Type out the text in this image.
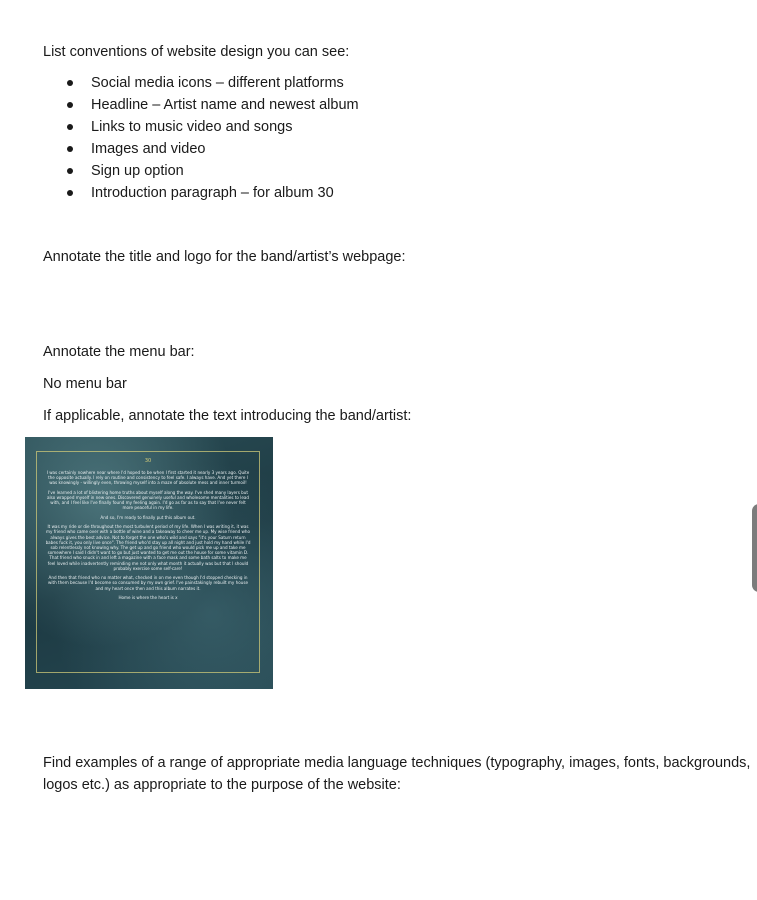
List conventions of website design you can see:

Social media icons – different platforms
Headline – Artist name and newest album
Links to music video and songs
Images and video
Sign up option
Introduction paragraph – for album 30

Annotate the title and logo for the band/artist’s webpage:

Annotate the menu bar:

No menu bar

If applicable, annotate the text introducing the band/artist:

30

I was certainly nowhere near where I'd hoped to be when I first started it nearly 3 years ago. Quite the opposite actually. I rely on routine and consistency to feel safe. I always have. And yet there I was knowingly - willingly even, throwing myself into a maze of absolute mess and inner turmoil!

I've learned a lot of blistering home truths about myself along the way. I've shed many layers but also wrapped myself in new ones. Discovered genuinely useful and wholesome mentalities to lead with, and I feel like I've finally found my feeling again. I'd go as far as to say that I've never felt more peaceful in my life.

And so, I'm ready to finally put this album out.

It was my ride or die throughout the most turbulent period of my life. When I was writing it, it was my friend who came over with a bottle of wine and a takeaway to cheer me up. My wise friend who always gives the best advice. Not to forget the one who's wild and says "it's your Saturn return babes fuck it, you only live once". The friend who'd stay up all night and just hold my hand while I'd sob relentlessly not knowing why. The get up and go friend who would pick me up and take me somewhere I said I didn't want to go but just wanted to get me out the house for some vitamin D. That friend who snuck in and left a magazine with a face mask and some bath salts to make me feel loved while inadvertently reminding me not only what month it actually was but that I should probably exercise some self-care!

And then that friend who no matter what, checked in on me even though I'd stopped checking in with them because I'd become so consumed by my own grief. I've painstakingly rebuilt my house and my heart once then and this album narrates it.

Home is where the heart is x

Find examples of a range of appropriate media language techniques (typography, images, fonts, backgrounds,
logos etc.) as appropriate to the purpose of the website:
